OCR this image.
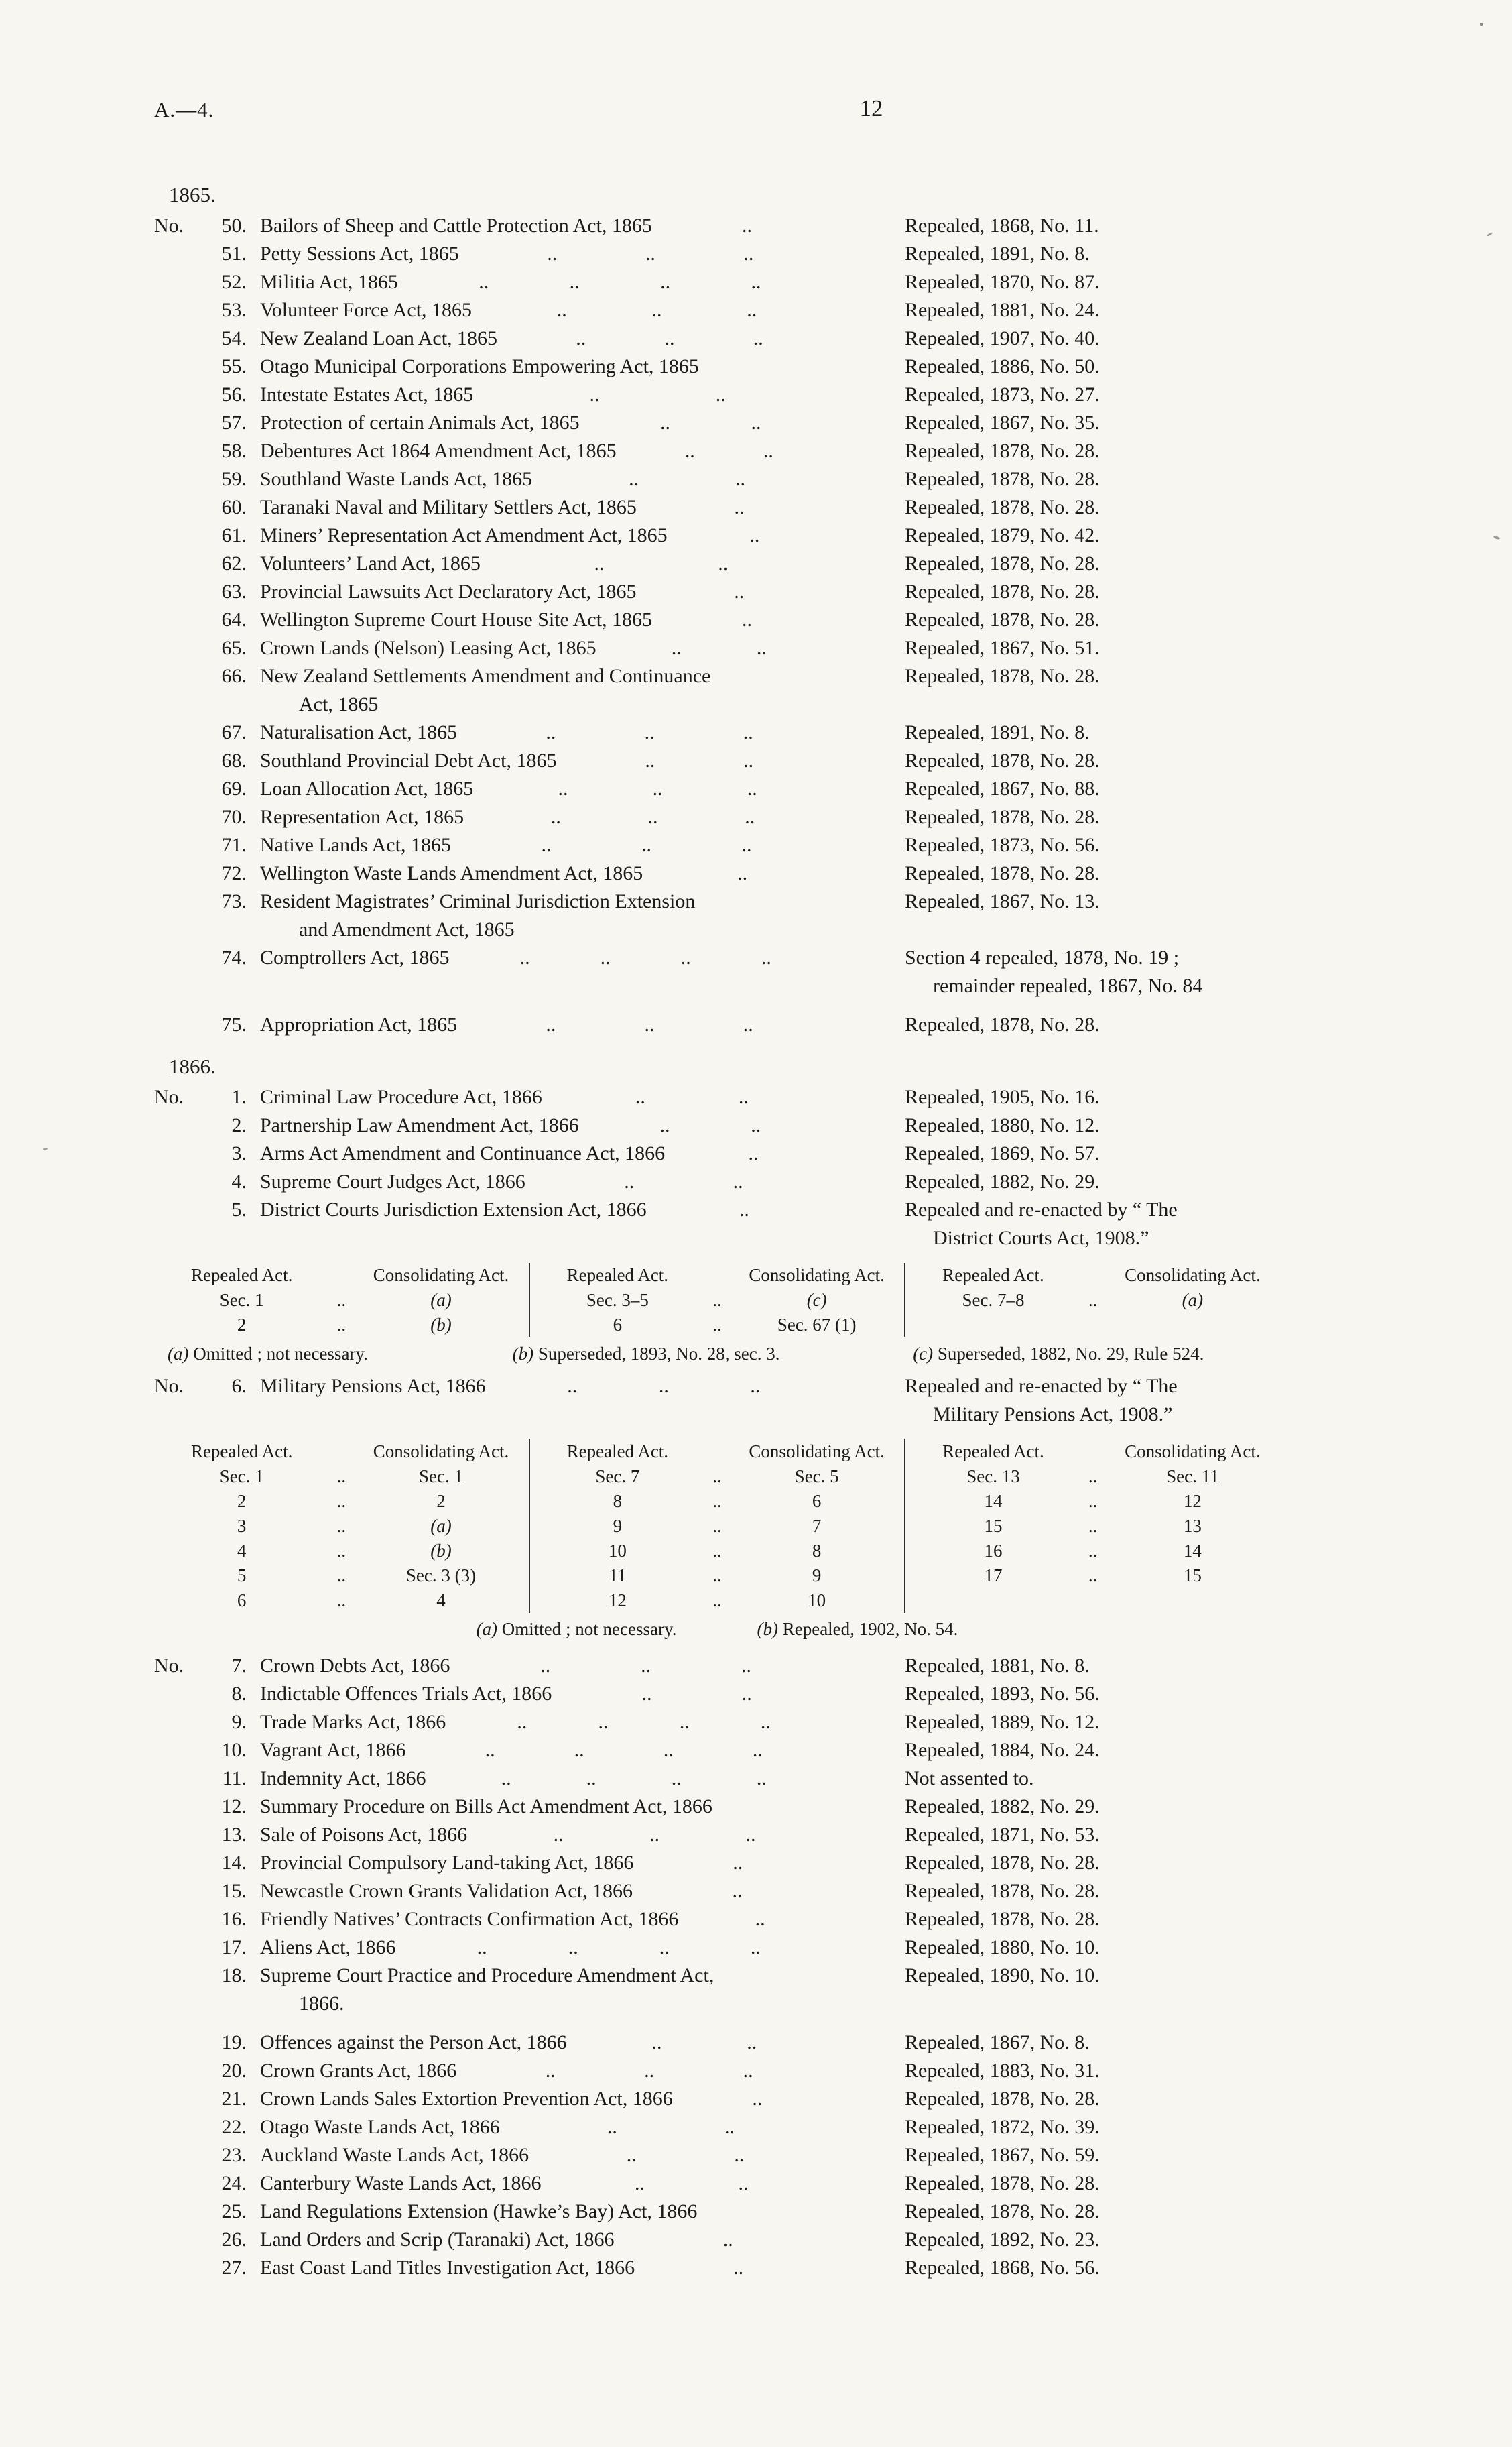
A.—4.	12
1865.
No.	50. Bailors of Sheep and Cattle Protection Act, 1865	..	Repealed, 1868, No. 11.
51. Petty Sessions Act, 1865	..	..	..	Repealed, 1891, No. 8.
52. Militia Act, 1865	..	..	..	..	Repealed, 1870, No. 87.
53. Volunteer Force Act, 1865	..	..	..	Repealed, 1881, No. 24.
54. New Zealand Loan Act, 1865	..	..	..	Repealed, 1907, No. 40.
55. Otago Municipal Corporations Empowering Act, 1865	Repealed, 1886, No. 50.
56. Intestate Estates Act, 1865	..	..	Repealed, 1873, No. 27.
57. Protection of certain Animals Act, 1865	..	..	Repealed, 1867, No. 35.
58. Debentures Act 1864 Amendment Act, 1865	..	..	Repealed, 1878, No. 28.
59. Southland Waste Lands Act, 1865	..	..	Repealed, 1878, No. 28.
60. Taranaki Naval and Military Settlers Act, 1865	..	Repealed, 1878, No. 28.
61. Miners’ Representation Act Amendment Act, 1865	..	Repealed, 1879, No. 42.
62. Volunteers’ Land Act, 1865	..	..	Repealed, 1878, No. 28.
63. Provincial Lawsuits Act Declaratory Act, 1865	..	Repealed, 1878, No. 28.
64. Wellington Supreme Court House Site Act, 1865	..	Repealed, 1878, No. 28.
65. Crown Lands (Nelson) Leasing Act, 1865	..	..	Repealed, 1867, No. 51.
66. New Zealand Settlements Amendment and Continuance
Act, 1865
Repealed, 1878, No. 28.
67. Naturalisation Act, 1865	..	..	..	Repealed, 1891, No. 8.
68. Southland Provincial Debt Act, 1865	..	..	Repealed, 1878, No. 28.
69. Loan Allocation Act, 1865	..	..	..	Repealed, 1867, No. 88.
70. Representation Act, 1865	..	..	..	Repealed, 1878, No. 28.
71. Native Lands Act, 1865	..	..	..	Repealed, 1873, No. 56.
72. Wellington Waste Lands Amendment Act, 1865	..	Repealed, 1878, No. 28.
73. Resident Magistrates’ Criminal Jurisdiction Extension
and Amendment Act, 1865
Repealed, 1867, No. 13.
74. Comptrollers Act, 1865	..	..	..	..	Section 4 repealed, 1878, No. 19 ;
remainder repealed, 1867, No. 84
75. Appropriation Act, 1865	..	..	..	Repealed, 1878, No. 28.
1866.
No.	1. Criminal Law Procedure Act, 1866	..	..	Repealed, 1905, No. 16.
2. Partnership Law Amendment Act, 1866	..	..	Repealed, 1880, No. 12.
3. Arms Act Amendment and Continuance Act, 1866	..	Repealed, 1869, No. 57.
4. Supreme Court Judges Act, 1866	..	..	Repealed, 1882, No. 29.
5. District Courts Jurisdiction Extension Act, 1866	..	Repealed and re-enacted by “ The
District Courts Act, 1908.”
Repealed Act.	Consolidating Act.
Sec. 1	..	(a)
2	..	(b)
Repealed Act.	Consolidating Act.
Sec. 3–5	..	(c)
6	..	Sec. 67 (1)
Repealed Act.	Consolidating Act.
Sec. 7–8	..	(a)
(a) Omitted ; not necessary.	(b) Superseded, 1893, No. 28, sec. 3.	(c) Superseded, 1882, No. 29, Rule 524.
No.	6. Military Pensions Act, 1866	..	..	..	Repealed and re-enacted by “ The
Military Pensions Act, 1908.”
Repealed Act.	Consolidating Act.
Sec. 1	..	Sec. 1
2	..	2
3	..	(a)
4	..	(b)
5	..	Sec. 3 (3)
6	..	4
Repealed Act.	Consolidating Act.
Sec. 7	..	Sec. 5
8	..	6
9	..	7
10	..	8
11	..	9
12	..	10
Repealed Act.	Consolidating Act.
Sec. 13	..	Sec. 11
14	..	12
15	..	13
16	..	14
17	..	15
(a) Omitted ; not necessary.	(b) Repealed, 1902, No. 54.
No.	7. Crown Debts Act, 1866	..	..	..	Repealed, 1881, No. 8.
8. Indictable Offences Trials Act, 1866	..	..	Repealed, 1893, No. 56.
9. Trade Marks Act, 1866	..	..	..	..	Repealed, 1889, No. 12.
10. Vagrant Act, 1866	..	..	..	..	Repealed, 1884, No. 24.
11. Indemnity Act, 1866	..	..	..	..	Not assented to.
12. Summary Procedure on Bills Act Amendment Act, 1866	Repealed, 1882, No. 29.
13. Sale of Poisons Act, 1866	..	..	..	Repealed, 1871, No. 53.
14. Provincial Compulsory Land-taking Act, 1866	..	Repealed, 1878, No. 28.
15. Newcastle Crown Grants Validation Act, 1866	..	Repealed, 1878, No. 28.
16. Friendly Natives’ Contracts Confirmation Act, 1866	..	Repealed, 1878, No. 28.
17. Aliens Act, 1866	..	..	..	..	Repealed, 1880, No. 10.
18. Supreme Court Practice and Procedure Amendment Act,
1866.
Repealed, 1890, No. 10.
19. Offences against the Person Act, 1866	..	..	Repealed, 1867, No. 8.
20. Crown Grants Act, 1866	..	..	..	Repealed, 1883, No. 31.
21. Crown Lands Sales Extortion Prevention Act, 1866	..	Repealed, 1878, No. 28.
22. Otago Waste Lands Act, 1866	..	..	Repealed, 1872, No. 39.
23. Auckland Waste Lands Act, 1866	..	..	Repealed, 1867, No. 59.
24. Canterbury Waste Lands Act, 1866	..	..	Repealed, 1878, No. 28.
25. Land Regulations Extension (Hawke’s Bay) Act, 1866	Repealed, 1878, No. 28.
26. Land Orders and Scrip (Taranaki) Act, 1866	..	Repealed, 1892, No. 23.
27. East Coast Land Titles Investigation Act, 1866	..	Repealed, 1868, No. 56.
